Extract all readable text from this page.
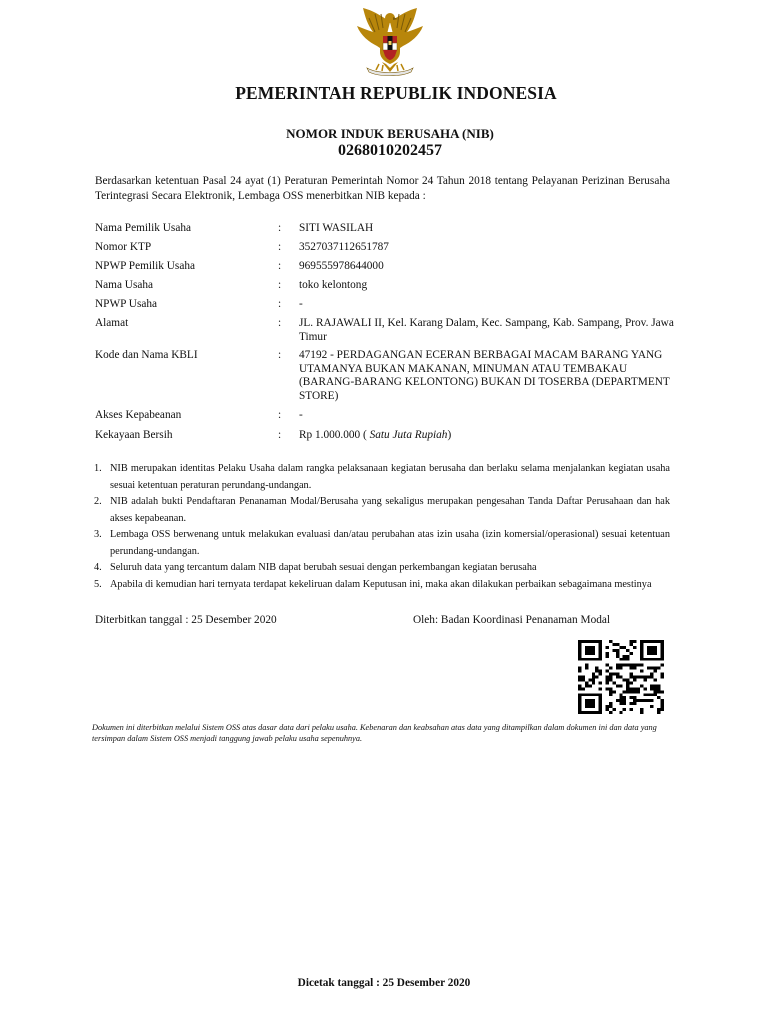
PEMERINTAH REPUBLIK INDONESIA
NOMOR INDUK BERUSAHA (NIB)
0268010202457
Berdasarkan ketentuan Pasal 24 ayat (1) Peraturan Pemerintah Nomor 24 Tahun 2018 tentang Pelayanan Perizinan Berusaha Terintegrasi Secara Elektronik, Lembaga OSS menerbitkan NIB kepada :
Nama Pemilik Usaha	: SITI WASILAH
Nomor KTP	: 3527037112651787
NPWP Pemilik Usaha	: 969555978644000
Nama Usaha	: toko kelontong
NPWP Usaha	: -
Alamat	: JL. RAJAWALI II, Kel. Karang Dalam, Kec. Sampang, Kab. Sampang, Prov. Jawa Timur
Kode dan Nama KBLI	: 47192 - PERDAGANGAN ECERAN BERBAGAI MACAM BARANG YANG UTAMANYA BUKAN MAKANAN, MINUMAN ATAU TEMBAKAU (BARANG-BARANG KELONTONG) BUKAN DI TOSERBA (DEPARTMENT STORE)
Akses Kepabeanan	: -
Kekayaan Bersih	: Rp 1.000.000 ( Satu Juta Rupiah)
1. NIB merupakan identitas Pelaku Usaha dalam rangka pelaksanaan kegiatan berusaha dan berlaku selama menjalankan kegiatan usaha sesuai ketentuan peraturan perundang-undangan.
2. NIB adalah bukti Pendaftaran Penanaman Modal/Berusaha yang sekaligus merupakan pengesahan Tanda Daftar Perusahaan dan hak akses kepabeanan.
3. Lembaga OSS berwenang untuk melakukan evaluasi dan/atau perubahan atas izin usaha (izin komersial/operasional) sesuai ketentuan perundang-undangan.
4. Seluruh data yang tercantum dalam NIB dapat berubah sesuai dengan perkembangan kegiatan berusaha
5. Apabila di kemudian hari ternyata terdapat kekeliruan dalam Keputusan ini, maka akan dilakukan perbaikan sebagaimana mestinya
Diterbitkan tanggal : 25 Desember 2020	Oleh: Badan Koordinasi Penanaman Modal
Dokumen ini diterbitkan melalui Sistem OSS atas dasar data dari pelaku usaha. Kebenaran dan keabsahan atas data yang ditampilkan dalam dokumen ini dan data yang tersimpan dalam Sistem OSS menjadi tanggung jawab pelaku usaha sepenuhnya.
Dicetak tanggal : 25 Desember 2020
